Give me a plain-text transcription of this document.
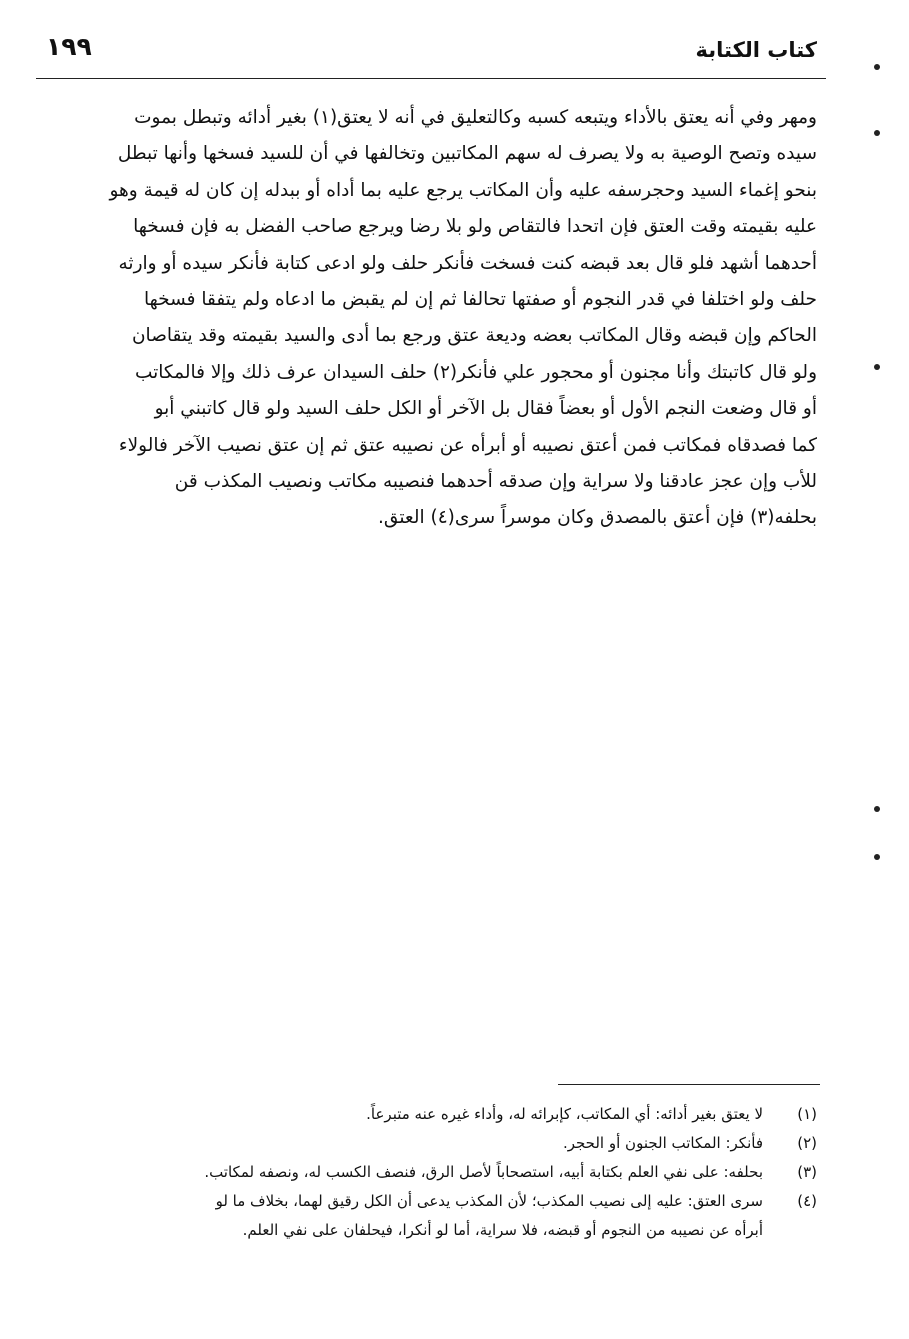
١٩٩	كتاب الكتابة
ومهر وفي أنه يعتق بالأداء ويتبعه كسبه وكالتعليق في أنه لا يعتق(١) بغير أدائه وتبطل بموت
سيده وتصح الوصية به ولا يصرف له سهم المكاتبين وتخالفها في أن للسيد فسخها وأنها تبطل
بنحو إغماء السيد وحجرسفه عليه وأن المكاتب يرجع عليه بما أداه أو ببدله إن كان له قيمة وهو
عليه بقيمته وقت العتق فإن اتحدا فالتقاص ولو بلا رضا ويرجع صاحب الفضل به فإن فسخها
أحدهما أشهد فلو قال بعد قبضه كنت فسخت فأنكر حلف ولو ادعى كتابة فأنكر سيده أو وارثه
حلف ولو اختلفا في قدر النجوم أو صفتها تحالفا ثم إن لم يقبض ما ادعاه ولم يتفقا فسخها
الحاكم وإن قبضه وقال المكاتب بعضه وديعة عتق ورجع بما أدى والسيد بقيمته وقد يتقاصان
ولو قال كاتبتك وأنا مجنون أو محجور علي فأنكر(٢) حلف السيدان عرف ذلك وإلا فالمكاتب
أو قال وضعت النجم الأول أو بعضاً فقال بل الآخر أو الكل حلف السيد ولو قال كاتبني أبو
كما فصدقاه فمكاتب فمن أعتق نصيبه أو أبرأه عن نصيبه عتق ثم إن عتق نصيب الآخر فالولاء
للأب وإن عجز عادقنا ولا سراية وإن صدقه أحدهما فنصيبه مكاتب ونصيب المكذب قن
بحلفه(٣) فإن أعتق بالمصدق وكان موسراً سرى(٤) العتق.
(١)
لا يعتق بغير أدائه: أي المكاتب، كإبرائه له، وأداء غيره عنه متبرعاً.
(٢)
فأنكر: المكاتب الجنون أو الحجر.
(٣)
بحلفه: على نفي العلم بكتابة أبيه، استصحاباً لأصل الرق، فنصف الكسب له، ونصفه لمكاتب.
(٤)
سرى العتق: عليه إلى نصيب المكذب؛ لأن المكذب يدعى أن الكل رقيق لهما، بخلاف ما لو
أبرأه عن نصيبه من النجوم أو قبضه، فلا سراية، أما لو أنكرا، فيحلفان على نفي العلم.
